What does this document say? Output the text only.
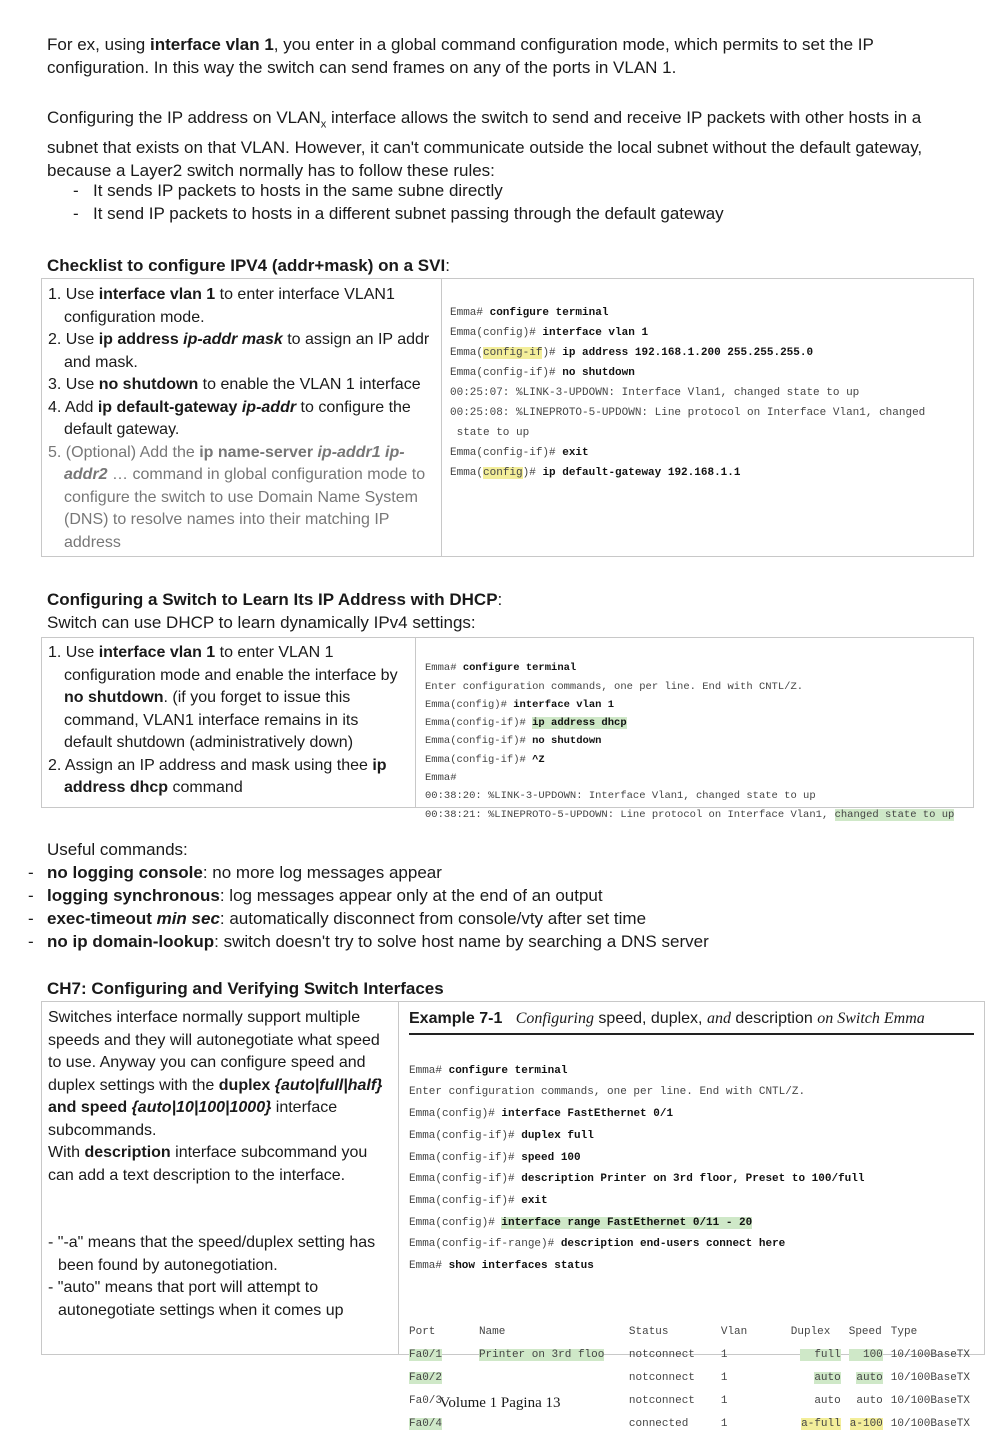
For ex, using interface vlan 1, you enter in a global command configuration mode, which permits to set the IP configuration. In this way the switch can send frames on any of the ports in VLAN 1.

Configuring the IP address on $VLAN_x$ interface allows the switch to send and receive IP packets with other hosts in a subnet that exists on that VLAN. However, it can't communicate outside the local subnet without the default gateway, because a Layer2 switch normally has to follow these rules:

- It sends IP packets to hosts in the same subne directly
- It send IP packets to hosts in a different subnet passing through the default gateway
Checklist to configure IPV4 (addr+mask) on a SVI:
1. Use interface vlan 1 to enter interface VLAN1 configuration mode.
2. Use ip address ip-addr mask to assign an IP addr and mask.
3. Use no shutdown to enable the VLAN 1 interface
4. Add ip default-gateway ip-addr to configure the default gateway.
5. (Optional) Add the ip name-server ip-addr1 ip-addr2 … command in global configuration mode to configure the switch to use Domain Name System (DNS) to resolve names into their matching IP address

Emma# configure terminal
Emma(config)# interface vlan 1
Emma(config-if)# ip address 192.168.1.200 255.255.255.0
Emma(config-if)# no shutdown
00:25:07: %LINK-3-UPDOWN: Interface Vlan1, changed state to up
00:25:08: %LINEPROTO-5-UPDOWN: Line protocol on Interface Vlan1, changed
state to up
Emma(config-if)# exit
Emma(config)# ip default-gateway 192.168.1.1

Configuring a Switch to Learn Its IP Address with DHCP:
Switch can use DHCP to learn dynamically IPv4 settings:
1. Use interface vlan 1 to enter VLAN 1 configuration mode and enable the interface by no shutdown. (if you forget to issue this command, VLAN1 interface remains in its default shutdown (administratively down)
2. Assign an IP address and mask using thee ip address dhcp command

Emma# configure terminal
Enter configuration commands, one per line. End with CNTL/Z.
Emma(config)# interface vlan 1
Emma(config-if)# ip address dhcp
Emma(config-if)# no shutdown
Emma(config-if)# ^Z
Emma#
00:38:20: %LINK-3-UPDOWN: Interface Vlan1, changed state to up
00:38:21: %LINEPROTO-5-UPDOWN: Line protocol on Interface Vlan1, changed state to up

Useful commands:
- no logging console: no more log messages appear
- logging synchronous: log messages appear only at the end of an output
- exec-timeout min sec: automatically disconnect from console/vty after set time
- no ip domain-lookup: switch doesn't try to solve host name by searching a DNS server
CH7: Configuring and Verifying Switch Interfaces

Switches interface normally support multiple speeds and they will autonegotiate what speed to use. Anyway you can configure speed and duplex settings with the duplex {auto|full|half} and speed {auto|10|100|1000} interface subcommands.

With description interface subcommand you can add a text description to the interface.

- "-a" means that the speed/duplex setting has been found by autonegotiation.

- "auto" means that port will attempt to autonegotiate settings when it comes up

Example 7-1 Configuring speed, duplex, and description on Switch Emma

Emma# configure terminal
Enter configuration commands, one per line. End with CNTL/Z.
Emma(config)# interface FastEthernet 0/1
Emma(config-if)# duplex full
Emma(config-if)# speed 100
Emma(config-if)# description Printer on 3rd floor, Preset to 100/full
Emma(config-if)# exit
Emma(config)# interface range FastEthernet 0/11 - 20
Emma(config-if-range)# description end-users connect here
Emma# show interfaces status

Port	Name	Status	Vlan	Duplex	Speed	Type
Fa0/1	Printer on 3rd floo	notconnect	1	full	100	10/100BaseTX
Fa0/2		notconnect	1	auto	auto	10/100BaseTX
Fa0/3		notconnect	1	auto	auto	10/100BaseTX
Fa0/4		connected	1	a-full	a-100	10/100BaseTX
Volume 1 Pagina 13
